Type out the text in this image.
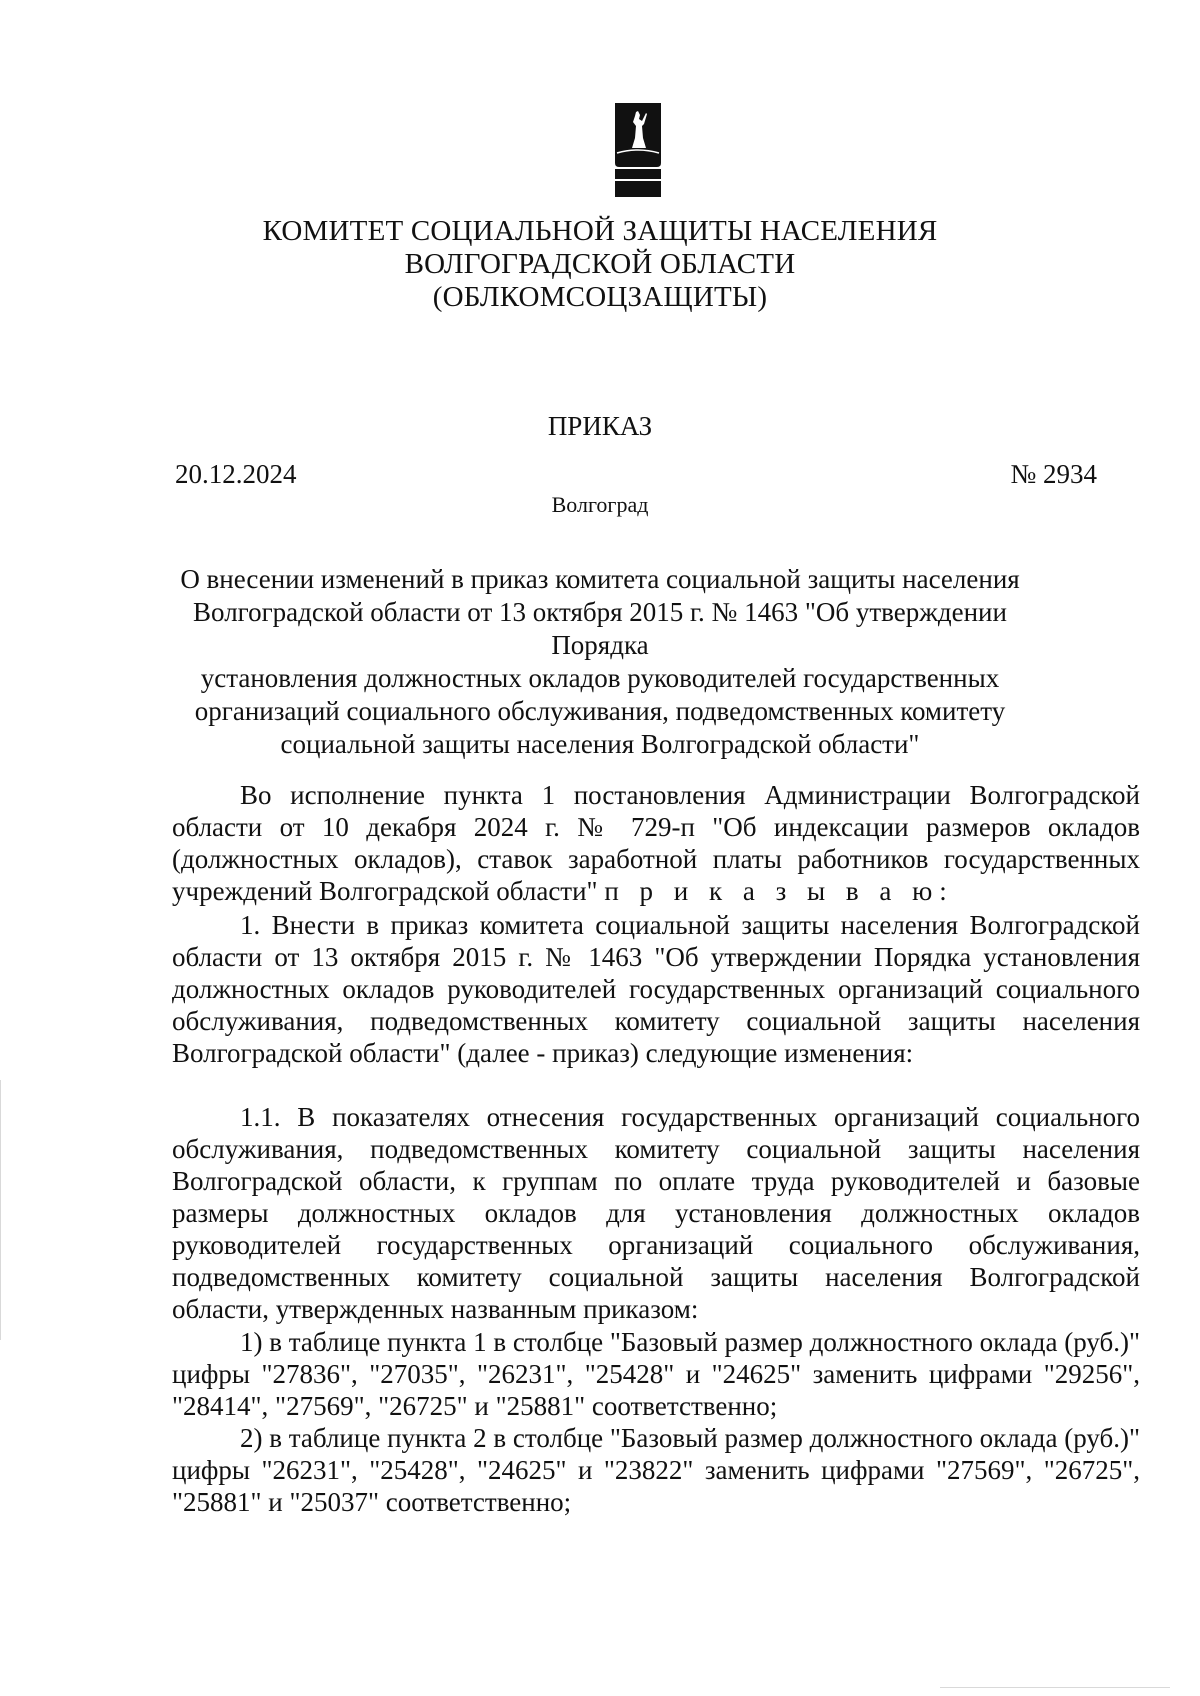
КОМИТЕТ СОЦИАЛЬНОЙ ЗАЩИТЫ НАСЕЛЕНИЯ
ВОЛГОГРАДСКОЙ ОБЛАСТИ
(ОБЛКОМСОЦЗАЩИТЫ)
ПРИКАЗ
20.12.2024	№ 2934
Волгоград
О внесении изменений в приказ комитета социальной защиты населения
Волгоградской области от 13 октября 2015 г. № 1463 "Об утверждении Порядка
установления должностных окладов руководителей государственных
организаций социального обслуживания, подведомственных комитету
социальной защиты населения Волгоградской области"

Во исполнение пункта 1 постановления Администрации Волгоградской области от 10 декабря 2024 г. № 729-п "Об индексации размеров окладов (должностных окладов), ставок заработной платы работников государственных учреждений Волгоградской области" п р и к а з ы в а ю:

1. Внести в приказ комитета социальной защиты населения Волгоградской области от 13 октября 2015 г. № 1463 "Об утверждении Порядка установления должностных окладов руководителей государственных организаций социального обслуживания, подведомственных комитету социальной защиты населения Волгоградской области" (далее - приказ) следующие изменения:

1.1. В показателях отнесения государственных организаций социального обслуживания, подведомственных комитету социальной защиты населения Волгоградской области, к группам по оплате труда руководителей и базовые размеры должностных окладов для установления должностных окладов руководителей государственных организаций социального обслуживания, подведомственных комитету социальной защиты населения Волгоградской области, утвержденных названным приказом:

1) в таблице пункта 1 в столбце "Базовый размер должностного оклада (руб.)" цифры "27836", "27035", "26231", "25428" и "24625" заменить цифрами "29256", "28414", "27569", "26725" и "25881" соответственно;

2) в таблице пункта 2 в столбце "Базовый размер должностного оклада (руб.)" цифры "26231", "25428", "24625" и "23822" заменить цифрами "27569", "26725", "25881" и "25037" соответственно;
